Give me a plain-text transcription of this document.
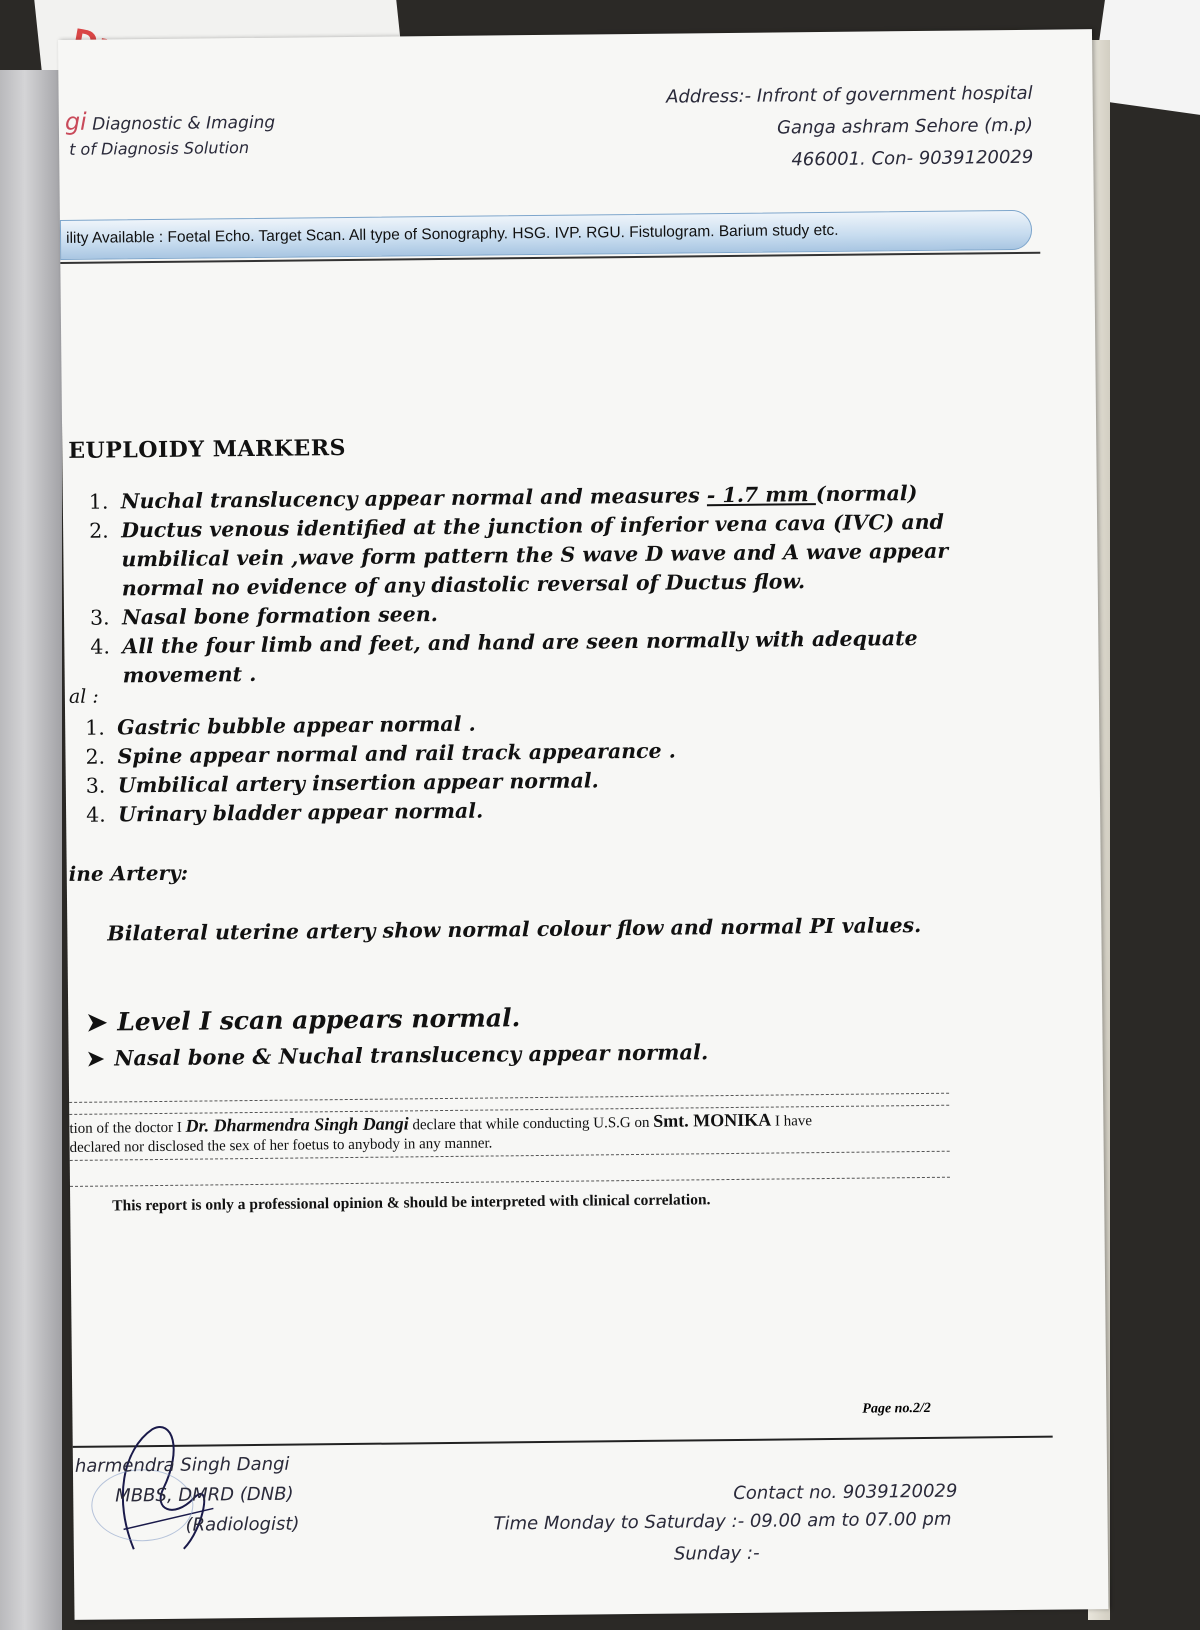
gi Diagnostic & Imaging
t of Diagnosis Solution
Address:- Infront of government hospital
Ganga ashram Sehore (m.p)
466001. Con- 9039120029
ility Available : Foetal Echo. Target Scan. All type of Sonography. HSG. IVP. RGU. Fistulogram. Barium study etc.
EUPLOIDY MARKERS
1. Nuchal translucency appear normal and measures - 1.7 mm (normal)
2. Ductus venous identified at the junction of inferior vena cava (IVC) and umbilical vein ,wave form pattern the S wave D wave and A wave appear normal no evidence of any diastolic reversal of Ductus flow.
3. Nasal bone formation seen.
4. All the four limb and feet, and hand are seen normally with adequate movement .
al :
1. Gastric bubble appear normal .
2. Spine appear normal and rail track appearance .
3. Umbilical artery insertion appear normal.
4. Urinary bladder appear normal.
ine Artery:
Bilateral uterine artery show normal colour flow and normal PI values.
➤ Level I scan appears normal.
➤ Nasal bone & Nuchal translucency appear normal.
tion of the doctor I Dr. Dharmendra Singh Dangi declare that while conducting U.S.G on Smt. MONIKA I have
declared nor disclosed the sex of her foetus to anybody in any manner.
This report is only a professional opinion & should be interpreted with clinical correlation.
Page no.2/2
harmendra Singh Dangi
MBBS, DMRD (DNB)
(Radiologist)
Contact no. 9039120029
Time Monday to Saturday :- 09.00 am to 07.00 pm
Sunday :-
